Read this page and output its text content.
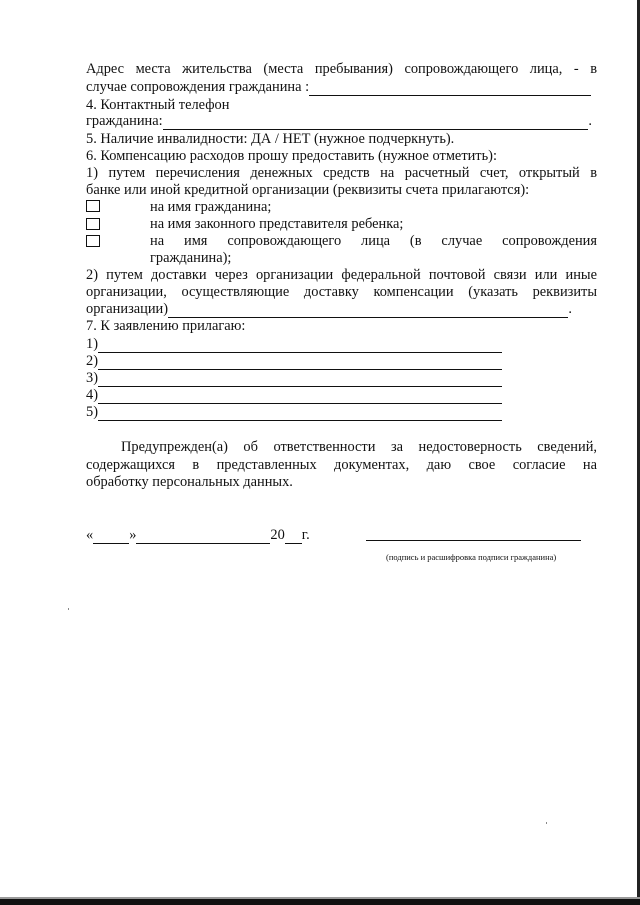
Адрес места жительства (места пребывания) сопровождающего лица, - в
случае сопровождения гражданина :
4. Контактный телефон
гражданина:	.
5. Наличие инвалидности: ДА / НЕТ (нужное подчеркнуть).
6. Компенсацию расходов прошу предоставить (нужное отметить):
1) путем перечисления денежных средств на расчетный счет, открытый в
банке или иной кредитной организации (реквизиты счета прилагаются):
на имя гражданина;
на имя законного представителя ребенка;
на имя сопровождающего лица (в случае сопровождения
гражданина);
2) путем доставки через организации федеральной почтовой связи или иные
организации, осуществляющие доставку компенсации (указать реквизиты
организации)	.
7. К заявлению прилагаю:
1)
2)
3)
4)
5)
Предупрежден(а) об ответственности за недостоверность сведений,
содержащихся в представленных документах, даю свое согласие на
обработку персональных данных.
«	»	20 г.
(подпись и расшифровка подписи гражданина)
